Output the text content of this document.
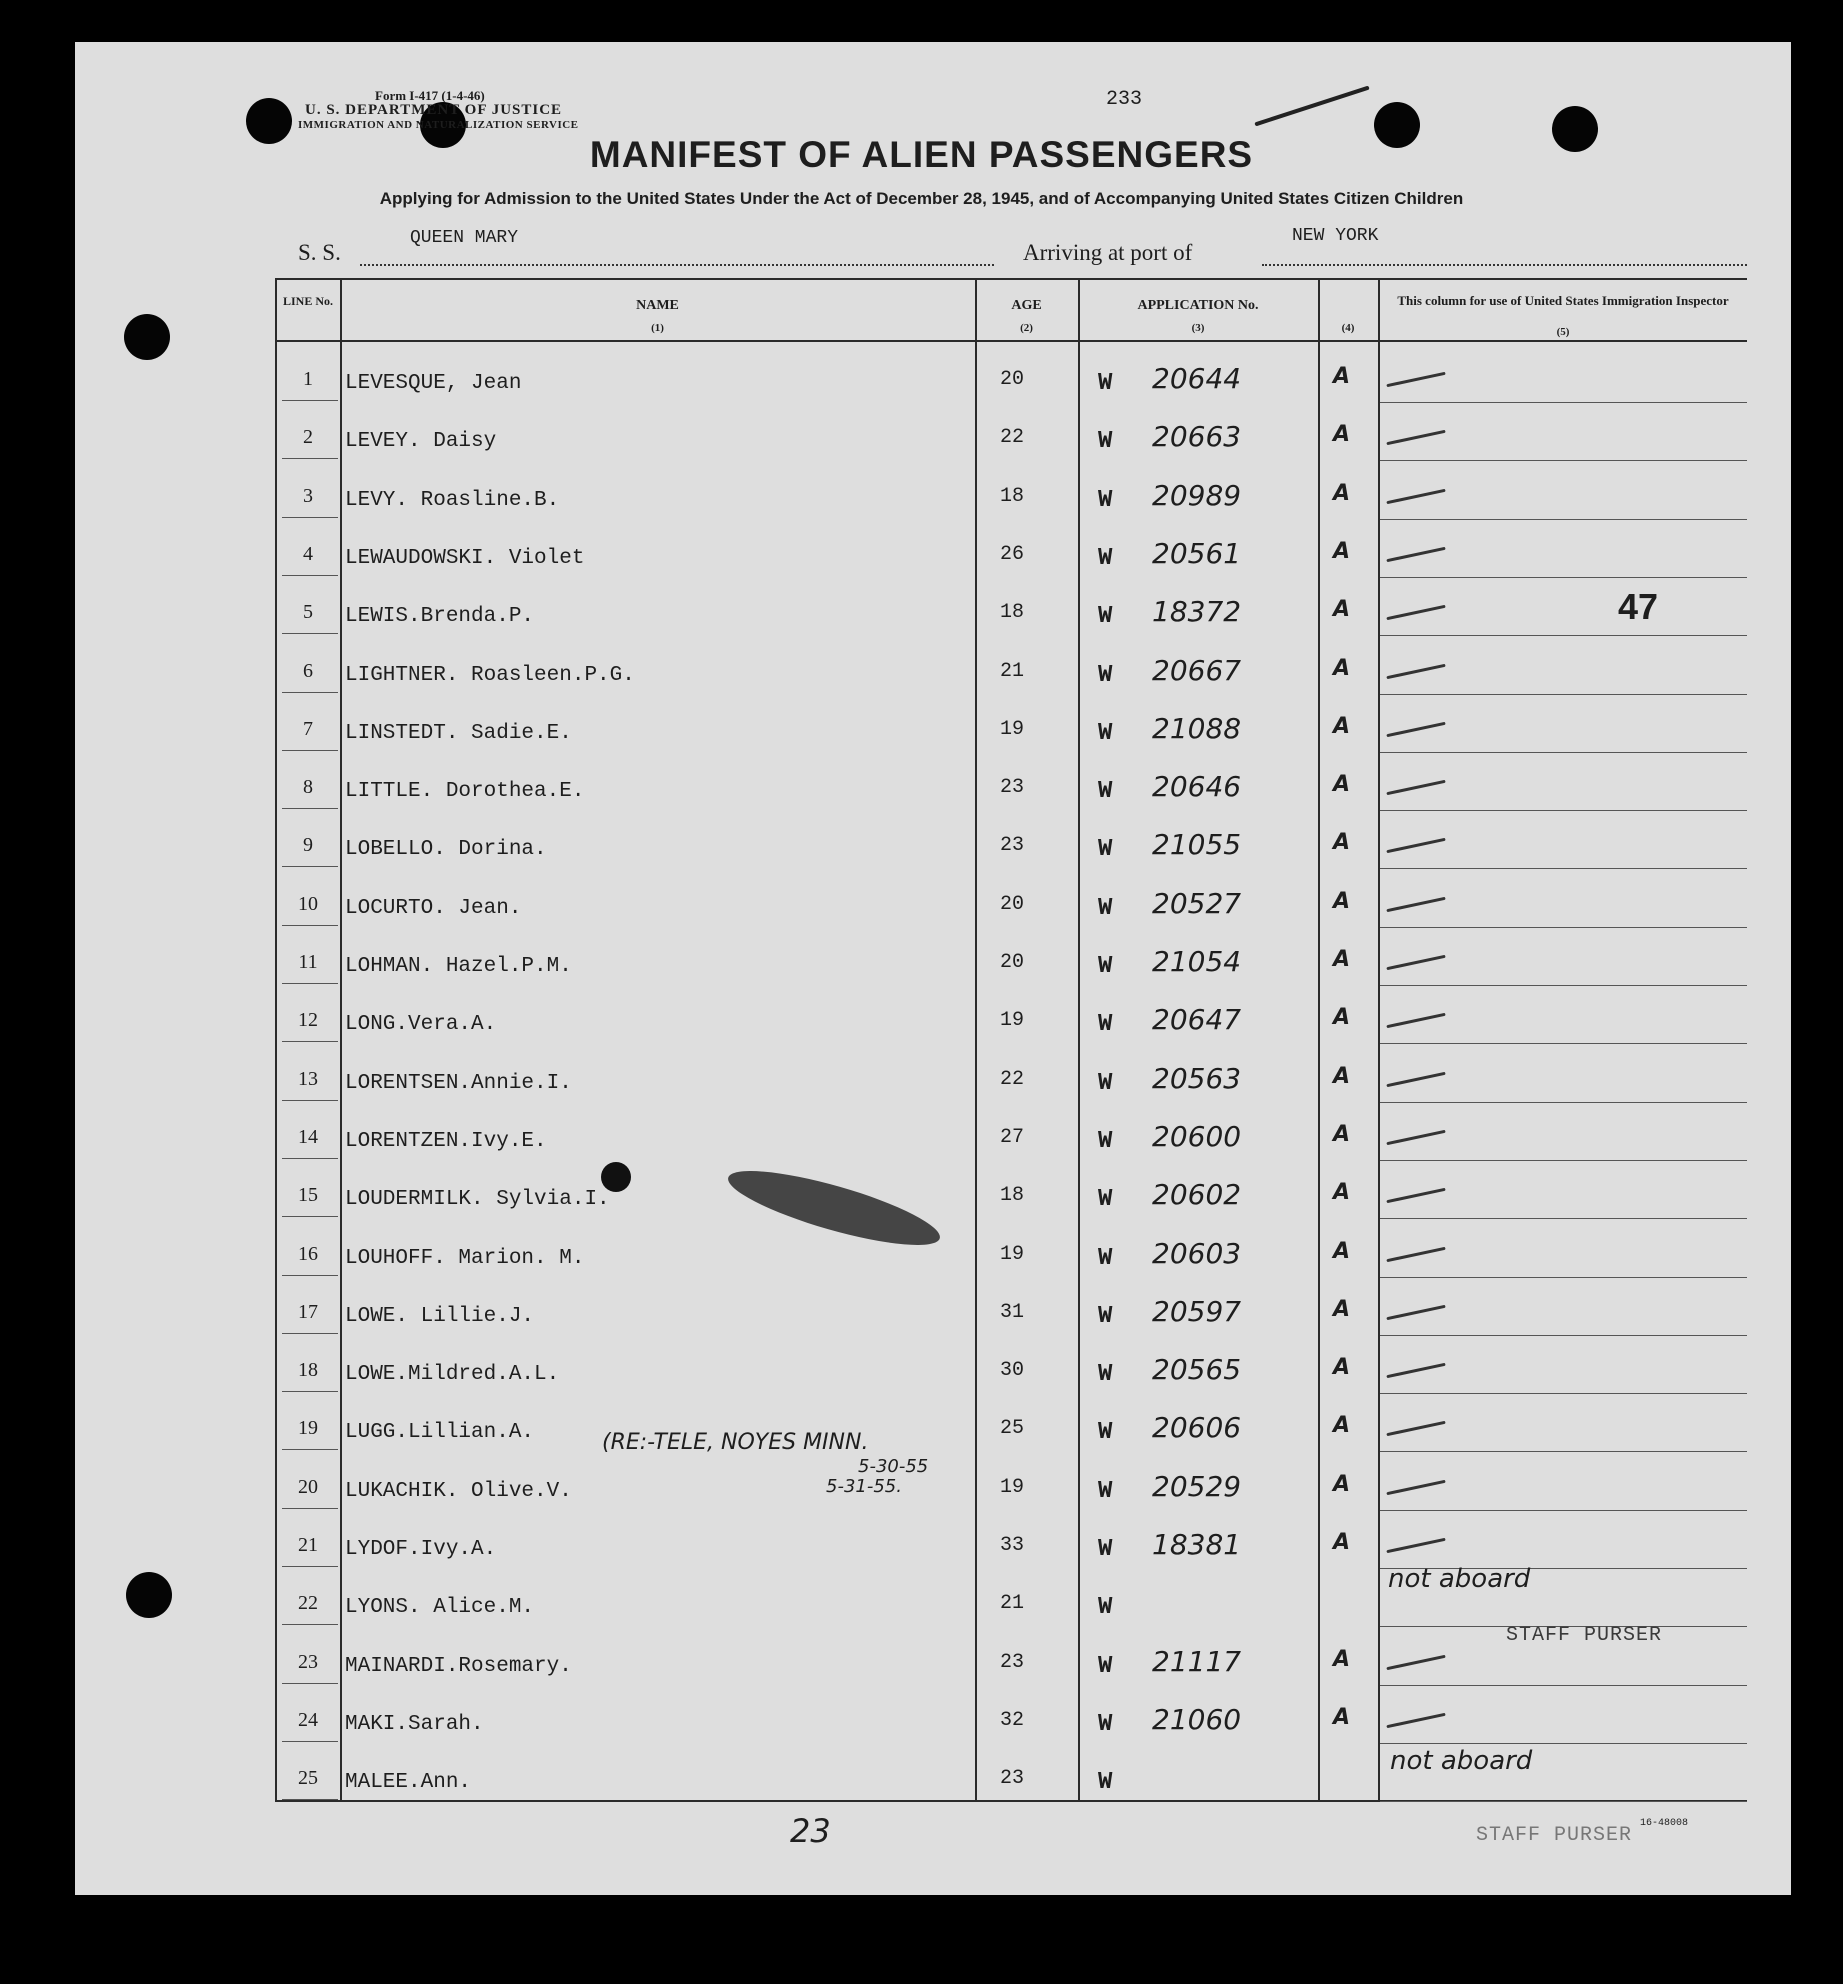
Form I-417 (1-4-46)
U. S. DEPARTMENT OF JUSTICE
IMMIGRATION AND NATURALIZATION SERVICE
233
MANIFEST OF ALIEN PASSENGERS
Applying for Admission to the United States Under the Act of December 28, 1945, and of Accompanying United States Citizen Children
S. S.
QUEEN MARY
Arriving at port of
NEW YORK
LINE No.	NAME
(1)
AGE
(2)
APPLICATION No.
(3)	(4)
This column for use of United States Immigration Inspector
(5)
1	LEVESQUE, Jean	20	W 20644	A
2	LEVEY. Daisy	22	W 20663	A
3	LEVY. Roasline.B.	18	W 20989	A
4	LEWAUDOWSKI. Violet	26	W 20561	A
5	LEWIS.Brenda.P.	18	W 18372	A
6	LIGHTNER. Roasleen.P.G.	21	W 20667	A
7	LINSTEDT. Sadie.E.	19	W 21088	A
8	LITTLE. Dorothea.E.	23	W 20646	A
9	LOBELLO. Dorina.	23	W 21055	A
10	LOCURTO. Jean.	20	W 20527	A
11	LOHMAN. Hazel.P.M.	20	W 21054	A
12	LONG.Vera.A.	19	W 20647	A
13	LORENTSEN.Annie.I.	22	W 20563	A
14	LORENTZEN.Ivy.E.	27	W 20600	A
15	LOUDERMILK. Sylvia.I.	18	W 20602	A
16	LOUHOFF. Marion. M.	19	W 20603	A
17	LOWE. Lillie.J.	31	W 20597	A
18	LOWE.Mildred.A.L.	30	W 20565	A
19	LUGG.Lillian.A.	25	W 20606	A
20	LUKACHIK. Olive.V.	19	W 20529	A
21	LYDOF.Ivy.A.	33	W 18381	A
22	LYONS. Alice.M.	21	W
23	MAINARDI.Rosemary.	23	W 21117	A
24	MAKI.Sarah.	32	W 21060	A
25	MALEE.Ann.	23	W
47
(RE:-TELE, NOYES MINN.
5-30-55
5-31-55.
not aboard
STAFF PURSER
not aboard
STAFF PURSER
16-48008
23
